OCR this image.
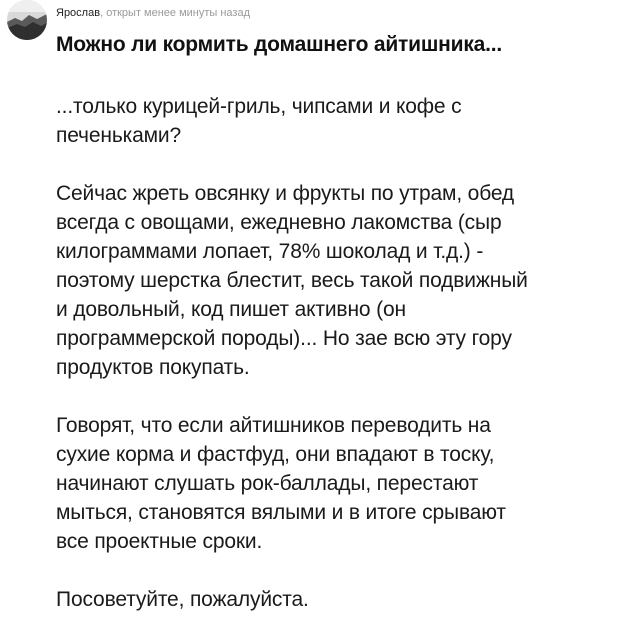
Ярослав, открыт менее минуты назад
Можно ли кормить домашнего айтишника...

...только курицей-гриль, чипсами и кофе с
печеньками?

Сейчас жреть овсянку и фрукты по утрам, обед
всегда с овощами, ежедневно лакомства (сыр
килограммами лопает, 78% шоколад и т.д.) -
поэтому шерстка блестит, весь такой подвижный
и довольный, код пишет активно (он
программерской породы)... Но зае всю эту гору
продуктов покупать.

Говорят, что если айтишников переводить на
сухие корма и фастфуд, они впадают в тоску,
начинают слушать рок-баллады, перестают
мыться, становятся вялыми и в итоге срывают
все проектные сроки.

Посоветуйте, пожалуйста.
